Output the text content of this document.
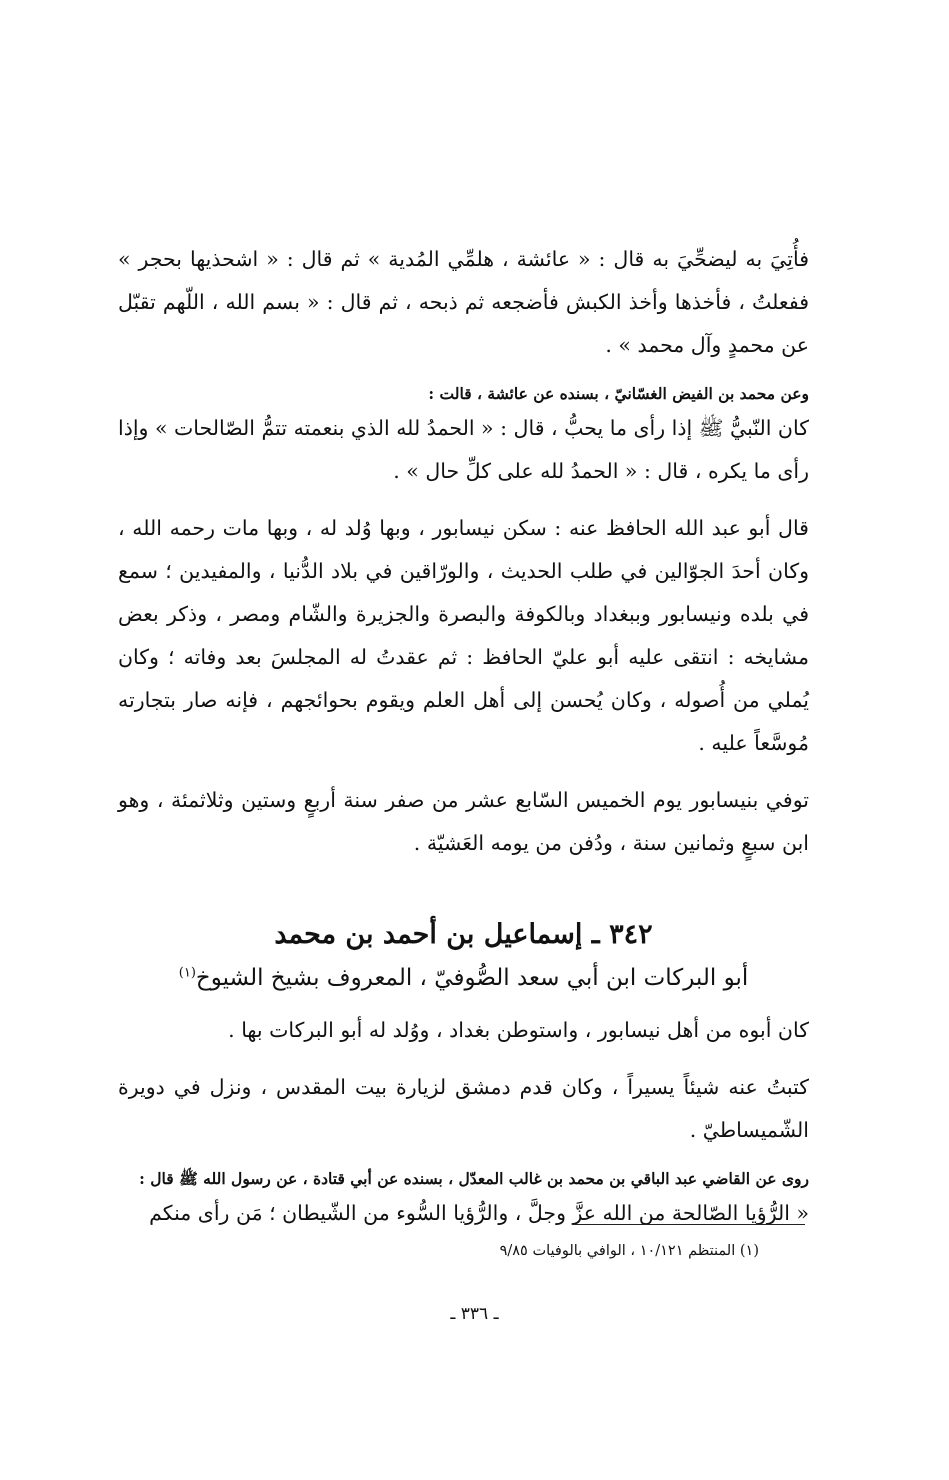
فأُتِيَ به ليضحِّيَ به قال : « عائشة ، هلمِّي المُدية » ثم قال : « اشحذيها بحجر » ففعلتُ ، فأخذها وأخذ الكبش فأضجعه ثم ذبحه ، ثم قال : « بسم الله ، اللّهم تقبّل عن محمدٍ وآل محمد » .

وعن محمد بن الفيض الغسّانيّ ، بسنده عن عائشة ، قالت :

كان النّبيُّ ﷺ إذا رأى ما يحبُّ ، قال : « الحمدُ لله الذي بنعمته تتمُّ الصّالحات » وإذا رأى ما يكره ، قال : « الحمدُ لله على كلِّ حال » .

قال أبو عبد الله الحافظ عنه : سكن نيسابور ، وبها وُلد له ، وبها مات رحمه الله ، وكان أحدَ الجوّالين في طلب الحديث ، والورّاقين في بلاد الدُّنيا ، والمفيدين ؛ سمع في بلده ونيسابور وببغداد وبالكوفة والبصرة والجزيرة والشّام ومصر ، وذكر بعض مشايخه : انتقى عليه أبو عليّ الحافظ : ثم عقدتُ له المجلسَ بعد وفاته ؛ وكان يُملي من أُصوله ، وكان يُحسن إلى أهل العلم ويقوم بحوائجهم ، فإنه صار بتجارته مُوسَّعاً عليه .

توفي بنيسابور يوم الخميس السّابع عشر من صفر سنة أربعٍ وستين وثلاثمئة ، وهو ابن سبعٍ وثمانين سنة ، ودُفن من يومه العَشيّة .

٣٤٢ ـ إسماعيل بن أحمد بن محمد

أبو البركات ابن أبي سعد الصُّوفيّ ، المعروف بشيخ الشيوخ$^{(١)}$

كان أبوه من أهل نيسابور ، واستوطن بغداد ، ووُلد له أبو البركات بها .

كتبتُ عنه شيئاً يسيراً ، وكان قدم دمشق لزيارة بيت المقدس ، ونزل في دويرة الشّميساطيّ .

روى عن القاضي عبد الباقي بن محمد بن غالب المعدّل ، بسنده عن أبي قتادة ، عن رسول الله ﷺ قال :

« الرُّؤيا الصّالحة من الله عزَّ وجلَّ ، والرُّؤيا السُّوء من الشّيطان ؛ مَن رأى منكم

(١) المنتظم ١٠/١٢١ ، الوافي بالوفيات ٩/٨٥
ـ ٣٣٦ ـ
